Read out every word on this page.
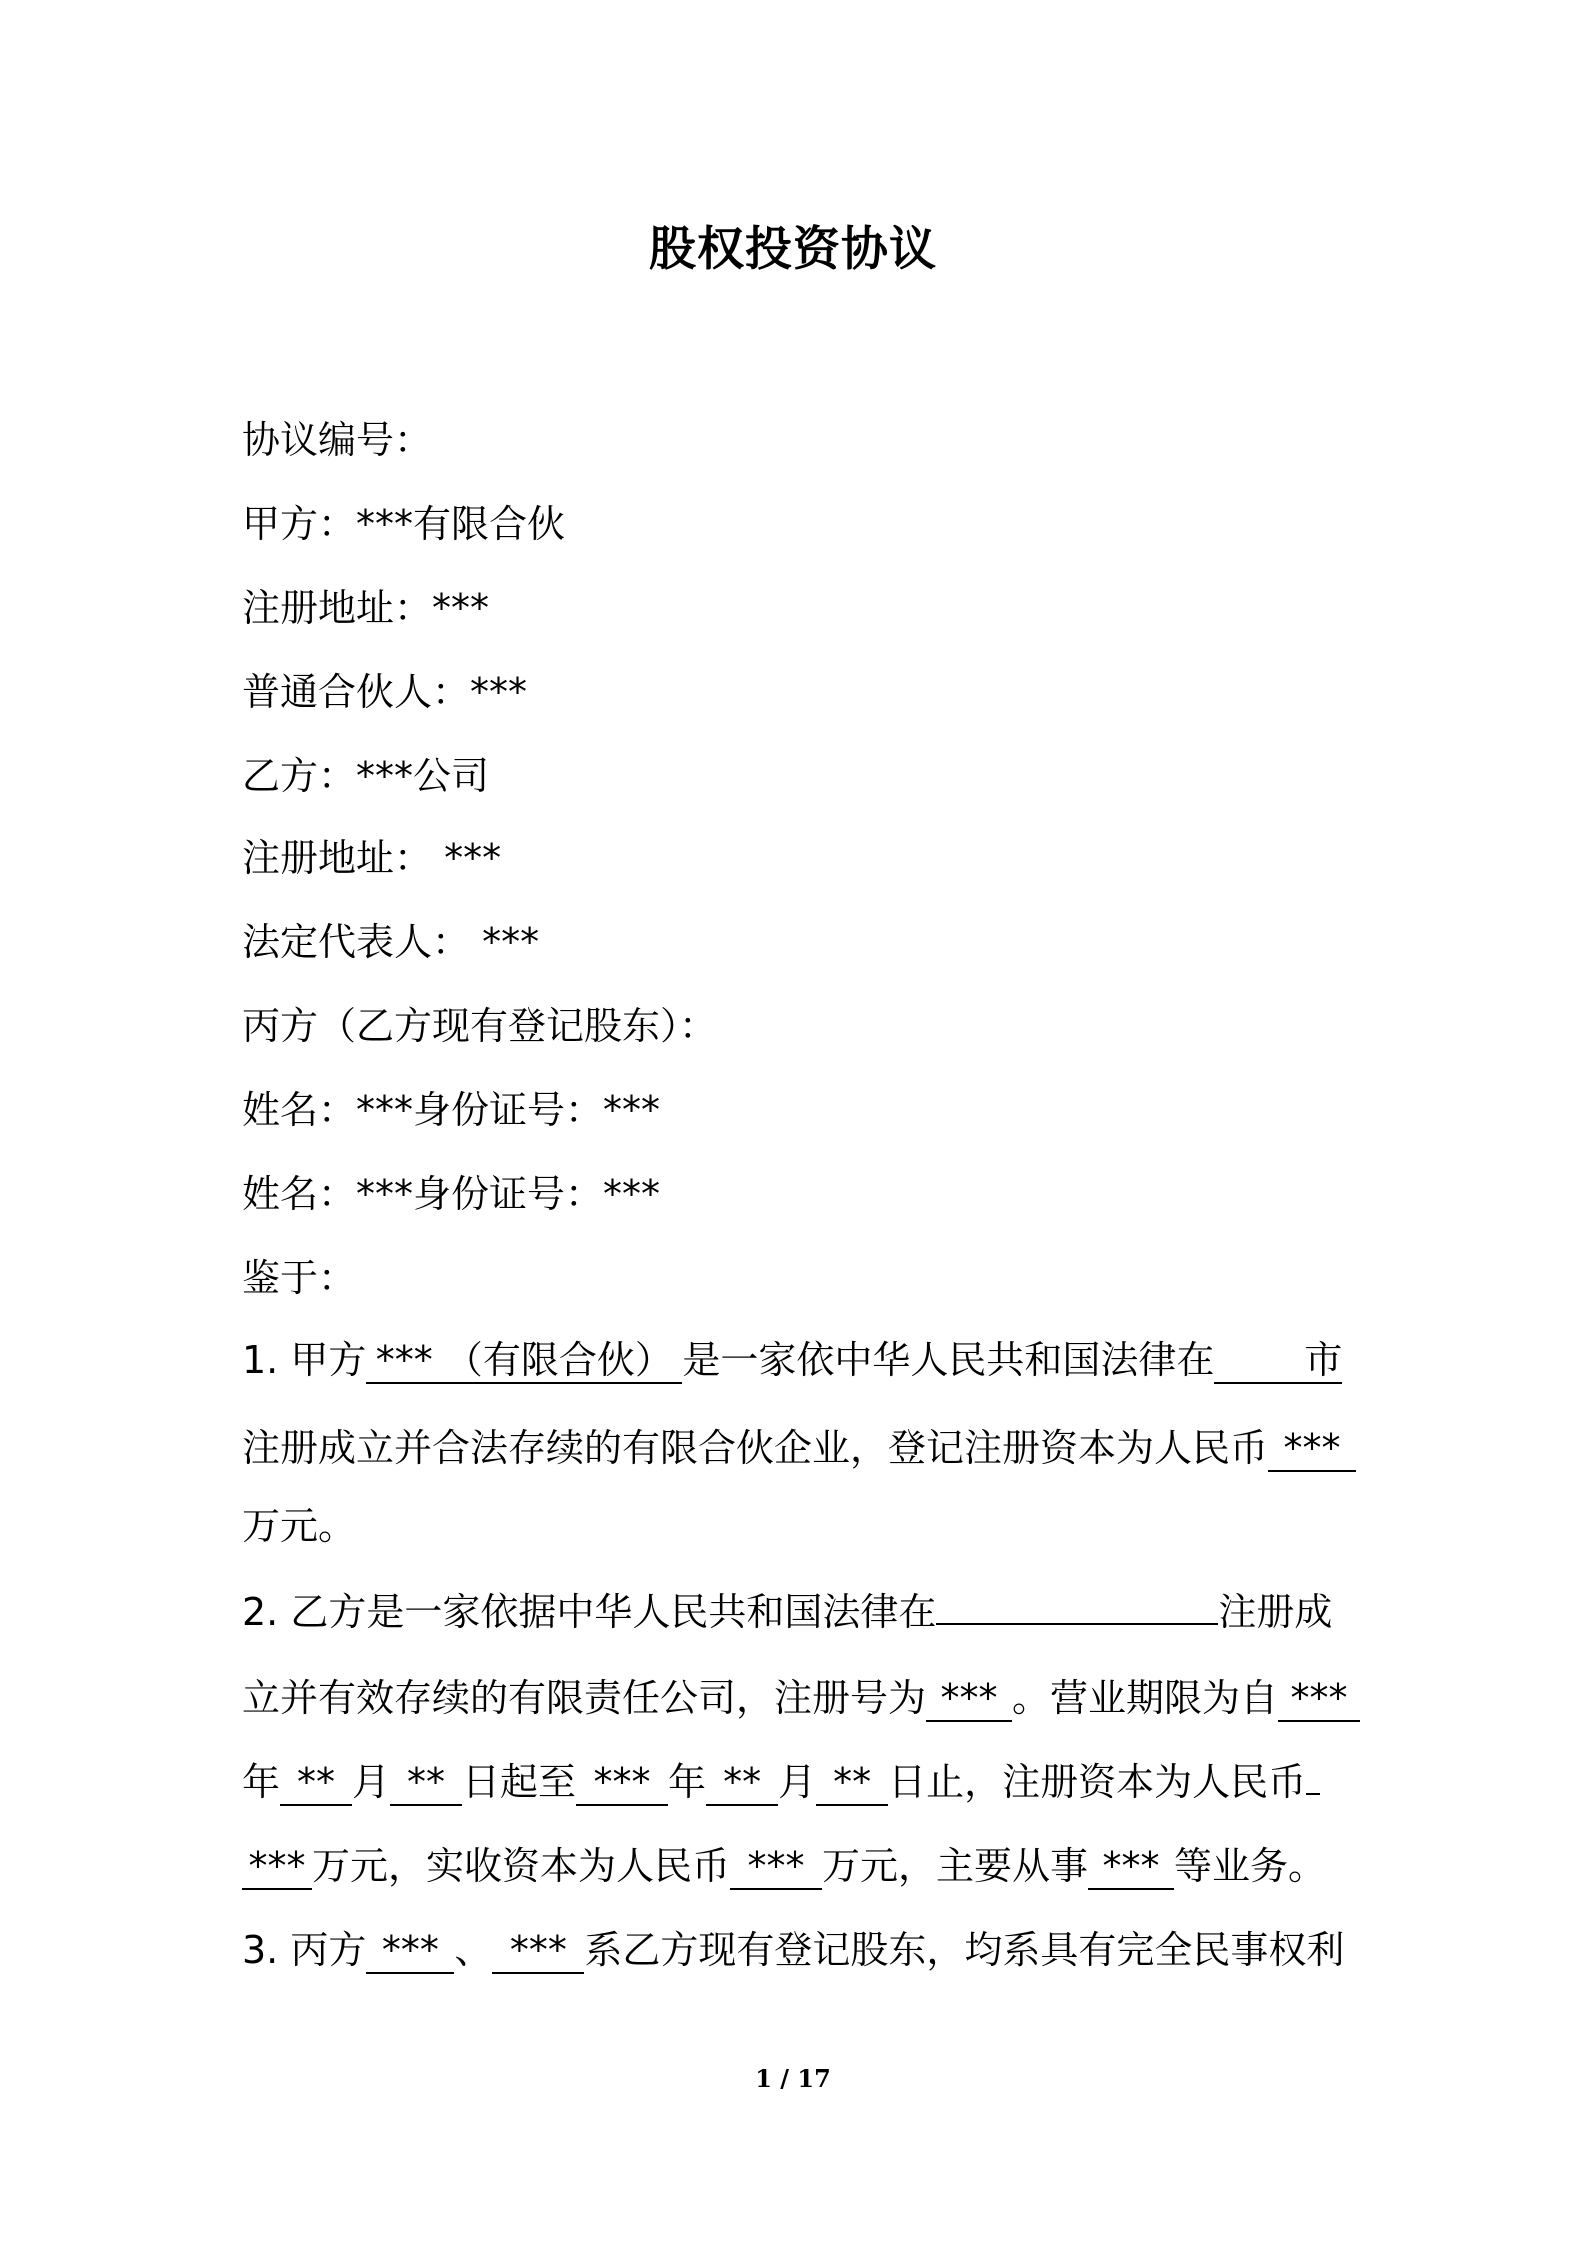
股权投资协议
协议编号：
甲方：***有限合伙
注册地址：***
普通合伙人：***
乙方：***公司
注册地址： ***
法定代表人： ***
丙方（乙方现有登记股东）：
姓名：***身份证号：***
姓名：***身份证号：***
鉴于：
1. 甲方 *** （有限合伙） 是一家依中华人民共和国法律在 市
注册成立并合法存续的有限合伙企业，登记注册资本为人民币 ***
万元。
2. 乙方是一家依据中华人民共和国法律在	注册成
立并有效存续的有限责任公司，注册号为 *** 。营业期限为自 ***
年 ** 月 ** 日起至 *** 年 ** 月 ** 日止，注册资本为人民币
*** 万元，实收资本为人民币 *** 万元，主要从事 *** 等业务。
3. 丙方 *** 、 *** 系乙方现有登记股东，均系具有完全民事权利
1 / 17
